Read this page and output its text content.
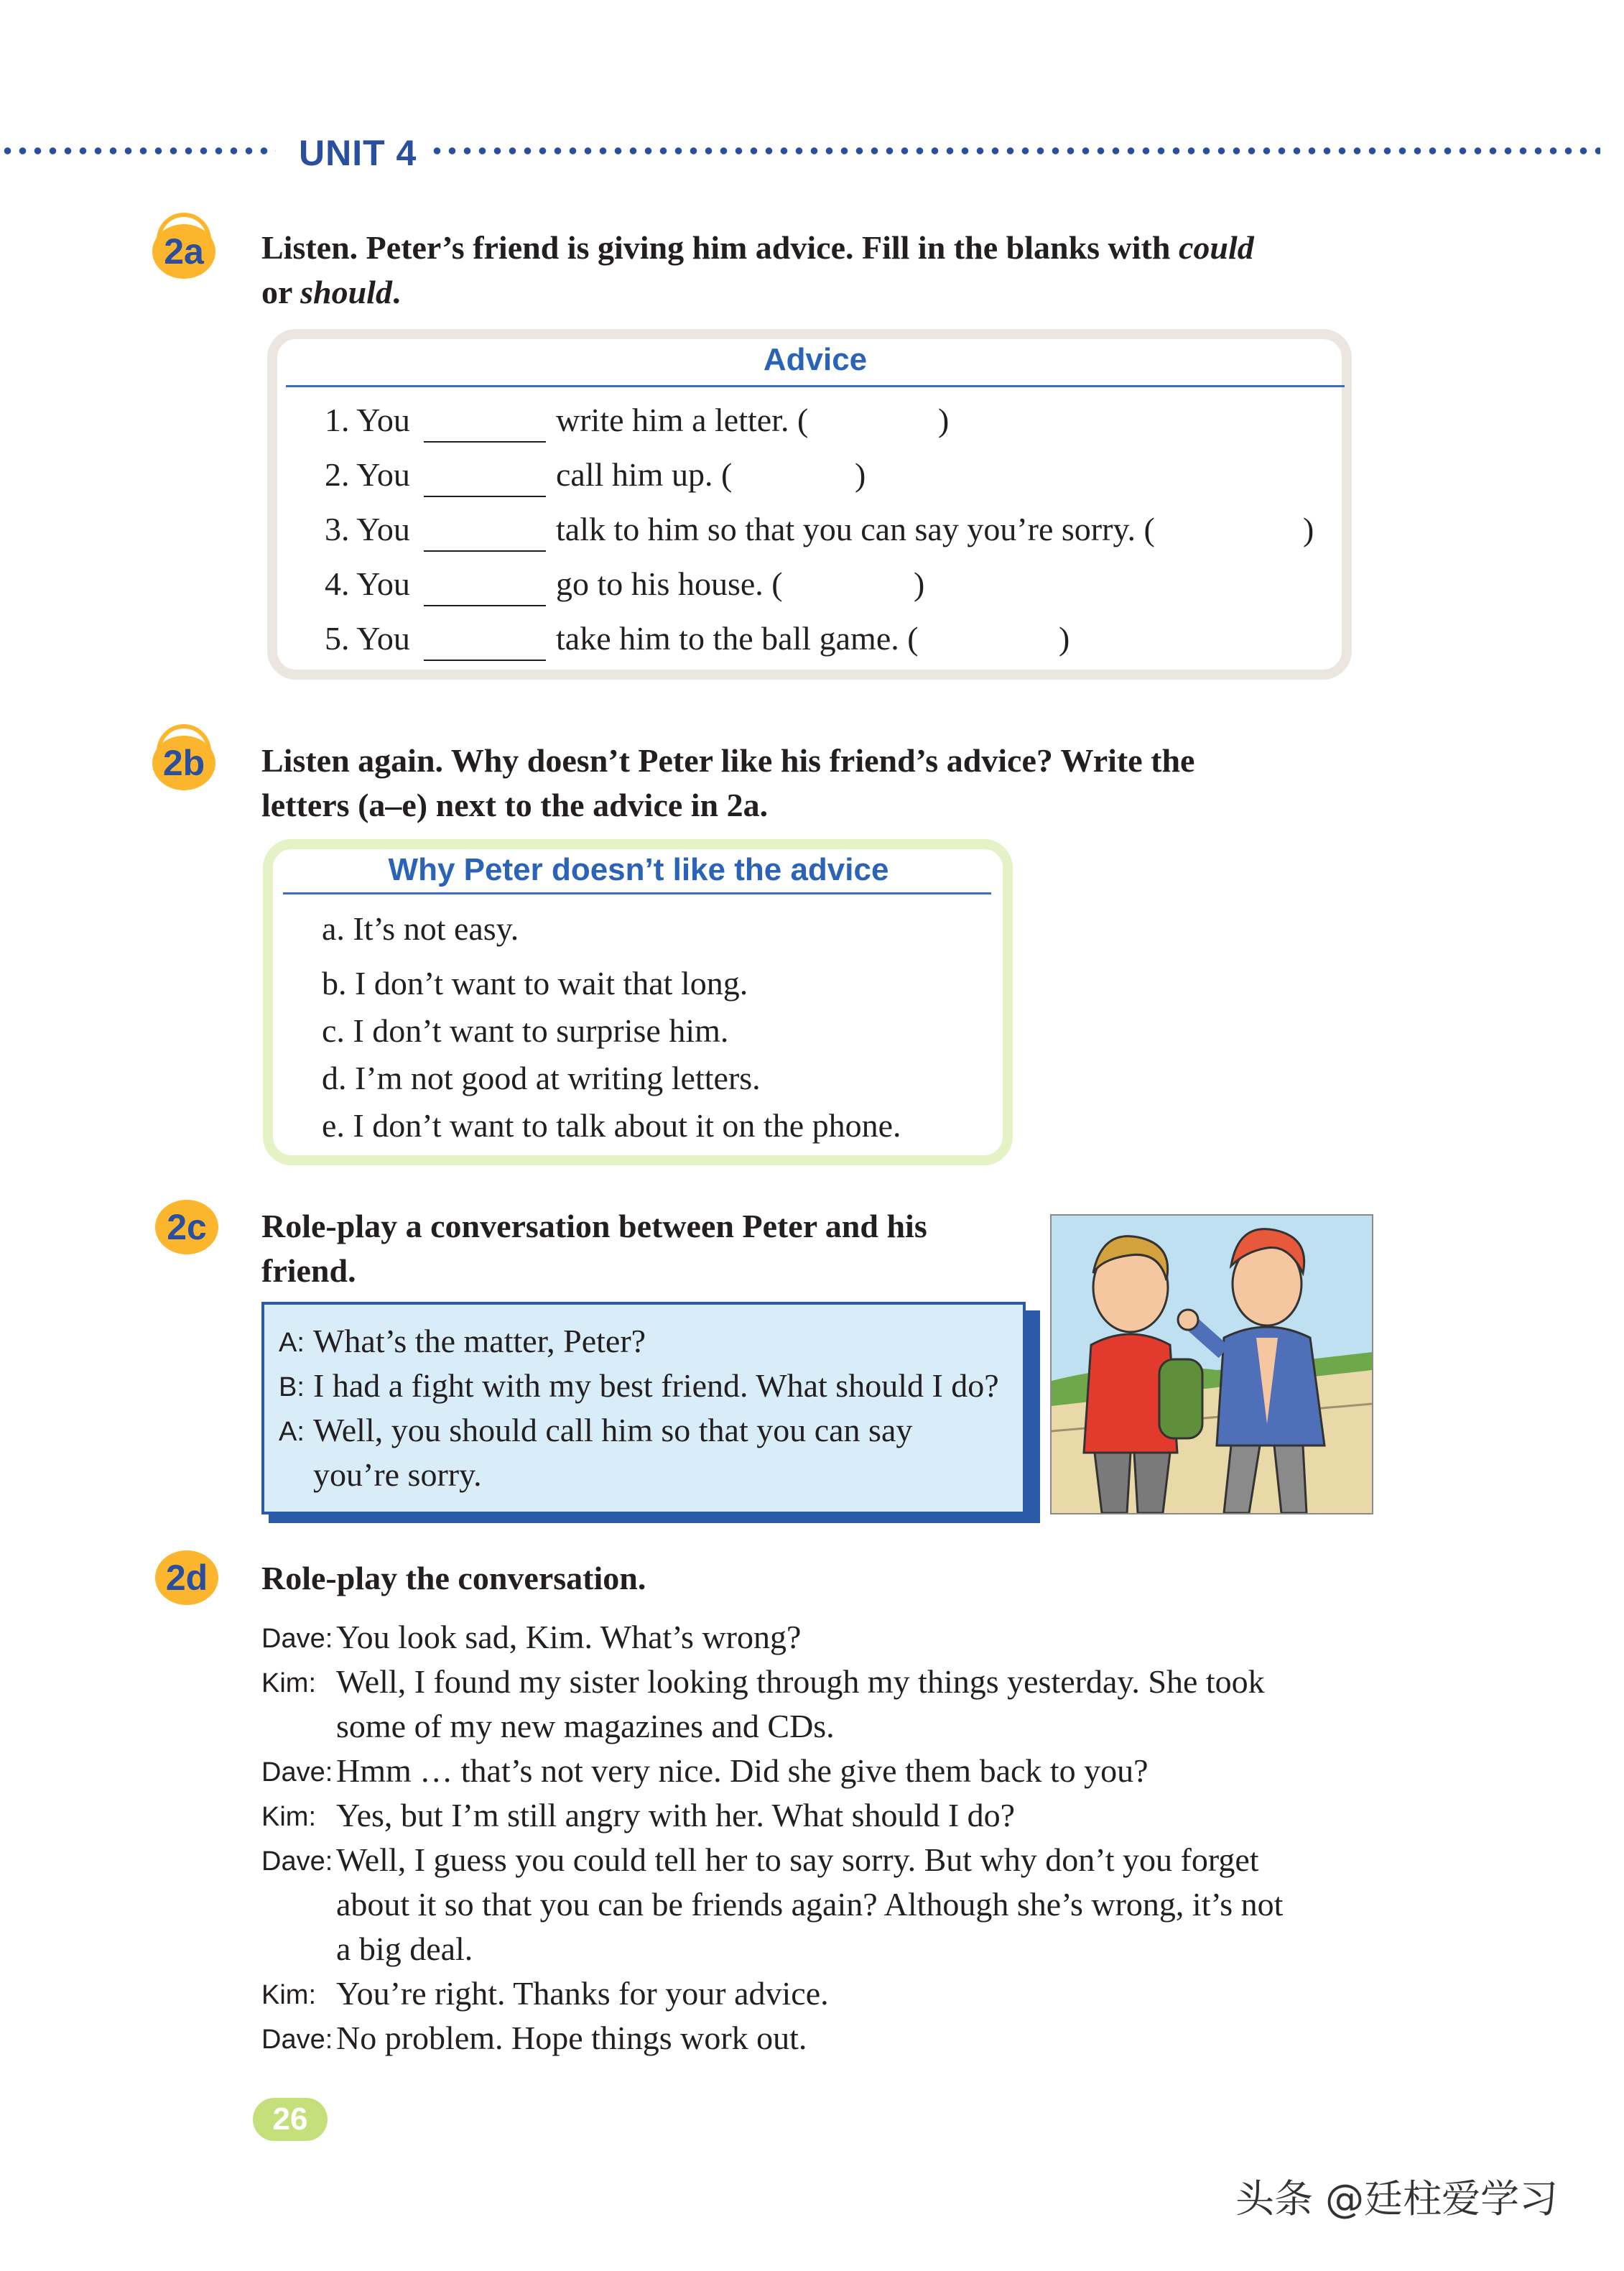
UNIT 4
2a Listen. Peter’s friend is giving him advice. Fill in the blanks with could
or should.
Advice
1. You	write him a letter. (	)
2. You	call him up. (	)
3. You	talk to him so that you can say you’re sorry. (	)
4. You	go to his house. (	)
5. You	take him to the ball game. (	)
2b Listen again. Why doesn’t Peter like his friend’s advice? Write the
letters (a–e) next to the advice in 2a.
Why Peter doesn’t like the advice
a. It’s not easy.
b. I don’t want to wait that long.
c. I don’t want to surprise him.
d. I’m not good at writing letters.
e. I don’t want to talk about it on the phone.
2c Role-play a conversation between Peter and his
friend.
A: What’s the matter, Peter?
B: I had a fight with my best friend. What should I do?
A: Well, you should call him so that you can say
you’re sorry.
2d Role-play the conversation.
Dave: You look sad, Kim. What’s wrong?
Kim: Well, I found my sister looking through my things yesterday. She took
some of my new magazines and CDs.
Dave: Hmm … that’s not very nice. Did she give them back to you?
Kim: Yes, but I’m still angry with her. What should I do?
Dave: Well, I guess you could tell her to say sorry. But why don’t you forget
about it so that you can be friends again? Although she’s wrong, it’s not
a big deal.
Kim: You’re right. Thanks for your advice.
Dave: No problem. Hope things work out.
26
头条 @廷柱爱学习
